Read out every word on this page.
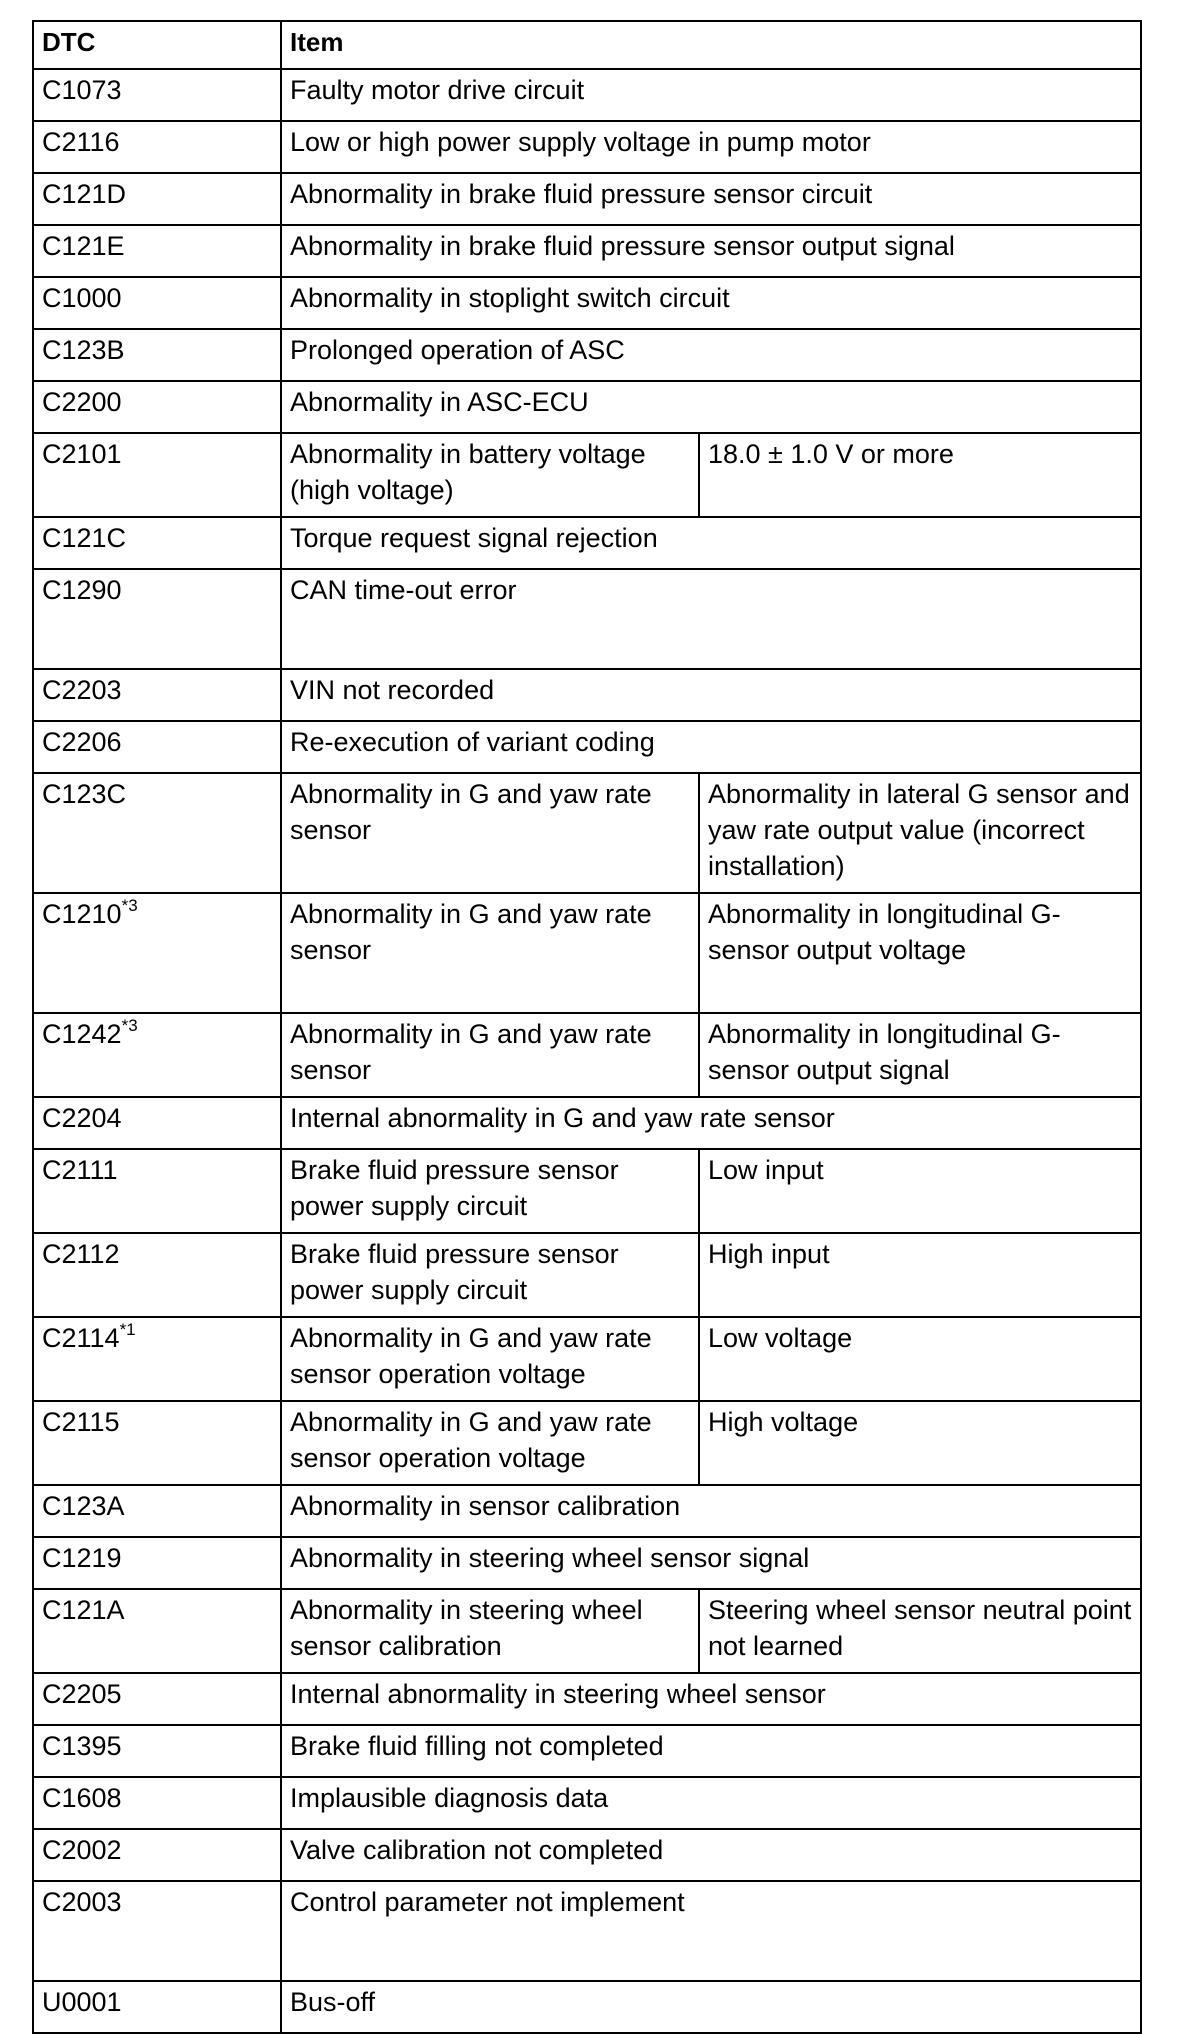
DTC	Item	
C1073	Faulty motor drive circuit	
C2116	Low or high power supply voltage in pump motor	
C121D	Abnormality in brake fluid pressure sensor circuit	
C121E	Abnormality in brake fluid pressure sensor output signal	
C1000	Abnormality in stoplight switch circuit	
C123B	Prolonged operation of ASC	
C2200	Abnormality in ASC-ECU	
C2101	Abnormality in battery voltage (high voltage)	18.0 ± 1.0 V or more
C121C	Torque request signal rejection	
C1290	CAN time-out error	
C2203	VIN not recorded	
C2206	Re-execution of variant coding	
C123C	Abnormality in G and yaw rate sensor	Abnormality in lateral G sensor and yaw rate output value (incorrect installation)
C1210$^{*3}$	Abnormality in G and yaw rate sensor	Abnormality in longitudinal G-sensor output voltage
C1242$^{*3}$	Abnormality in G and yaw rate sensor	Abnormality in longitudinal G-sensor output signal
C2204	Internal abnormality in G and yaw rate sensor	
C2111	Brake fluid pressure sensor power supply circuit	Low input
C2112	Brake fluid pressure sensor power supply circuit	High input
C2114$^{*1}$	Abnormality in G and yaw rate sensor operation voltage	Low voltage
C2115	Abnormality in G and yaw rate sensor operation voltage	High voltage
C123A	Abnormality in sensor calibration	
C1219	Abnormality in steering wheel sensor signal	
C121A	Abnormality in steering wheel sensor calibration	Steering wheel sensor neutral point not learned
C2205	Internal abnormality in steering wheel sensor	
C1395	Brake fluid filling not completed	
C1608	Implausible diagnosis data	
C2002	Valve calibration not completed	
C2003	Control parameter not implement	
U0001	Bus-off	
